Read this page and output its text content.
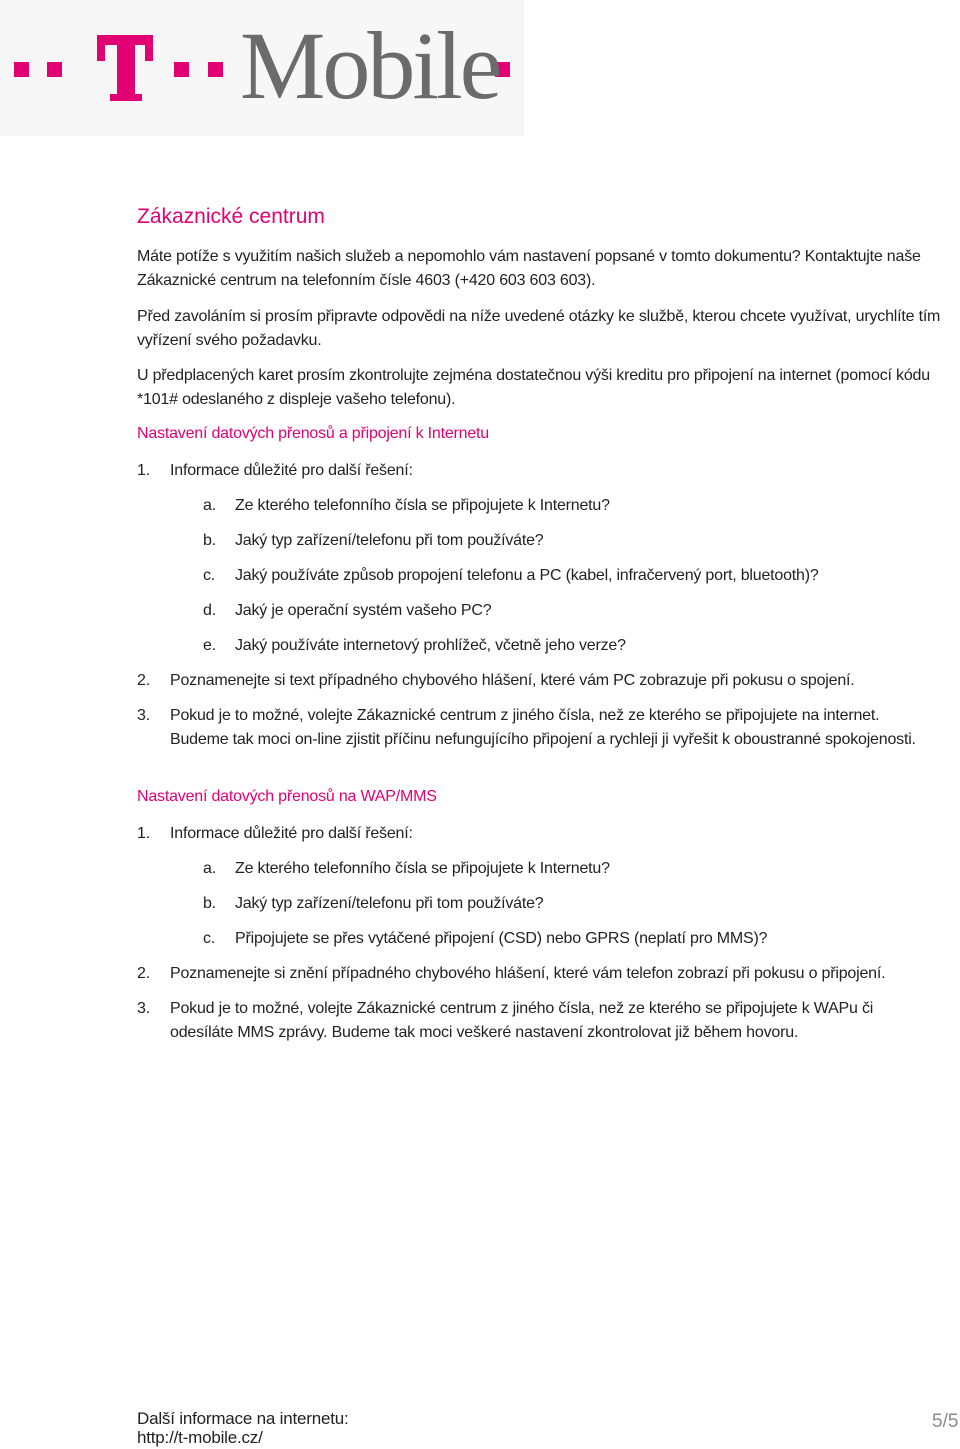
Mobile
Zákaznické centrum
Máte potíže s využitím našich služeb a nepomohlo vám nastavení popsané v tomto dokumentu? Kontaktujte naše Zákaznické centrum na telefonním čísle 4603 (+420 603 603 603).
Před zavoláním si prosím připravte odpovědi na níže uvedené otázky ke službě, kterou chcete využívat, urychlíte tím vyřízení svého požadavku.
U předplacených karet prosím zkontrolujte zejména dostatečnou výši kreditu pro připojení na internet (pomocí kódu *101# odeslaného z displeje vašeho telefonu).
Nastavení datových přenosů a připojení k Internetu
1. Informace důležité pro další řešení:
a. Ze kterého telefonního čísla se připojujete k Internetu?
b. Jaký typ zařízení/telefonu při tom používáte?
c. Jaký používáte způsob propojení telefonu a PC (kabel, infračervený port, bluetooth)?
d. Jaký je operační systém vašeho PC?
e. Jaký používáte internetový prohlížeč, včetně jeho verze?
2. Poznamenejte si text případného chybového hlášení, které vám PC zobrazuje při pokusu o spojení.
3. Pokud je to možné, volejte Zákaznické centrum z jiného čísla, než ze kterého se připojujete na internet. Budeme tak moci on-line zjistit příčinu nefungujícího připojení a rychleji ji vyřešit k oboustranné spokojenosti.
Nastavení datových přenosů na WAP/MMS
1. Informace důležité pro další řešení:
a. Ze kterého telefonního čísla se připojujete k Internetu?
b. Jaký typ zařízení/telefonu při tom používáte?
c. Připojujete se přes vytáčené připojení (CSD) nebo GPRS (neplatí pro MMS)?
2. Poznamenejte si znění případného chybového hlášení, které vám telefon zobrazí při pokusu o připojení.
3. Pokud je to možné, volejte Zákaznické centrum z jiného čísla, než ze kterého se připojujete k WAPu či odesíláte MMS zprávy. Budeme tak moci veškeré nastavení zkontrolovat již během hovoru.
Další informace na internetu:
http://t-mobile.cz/
5/5
